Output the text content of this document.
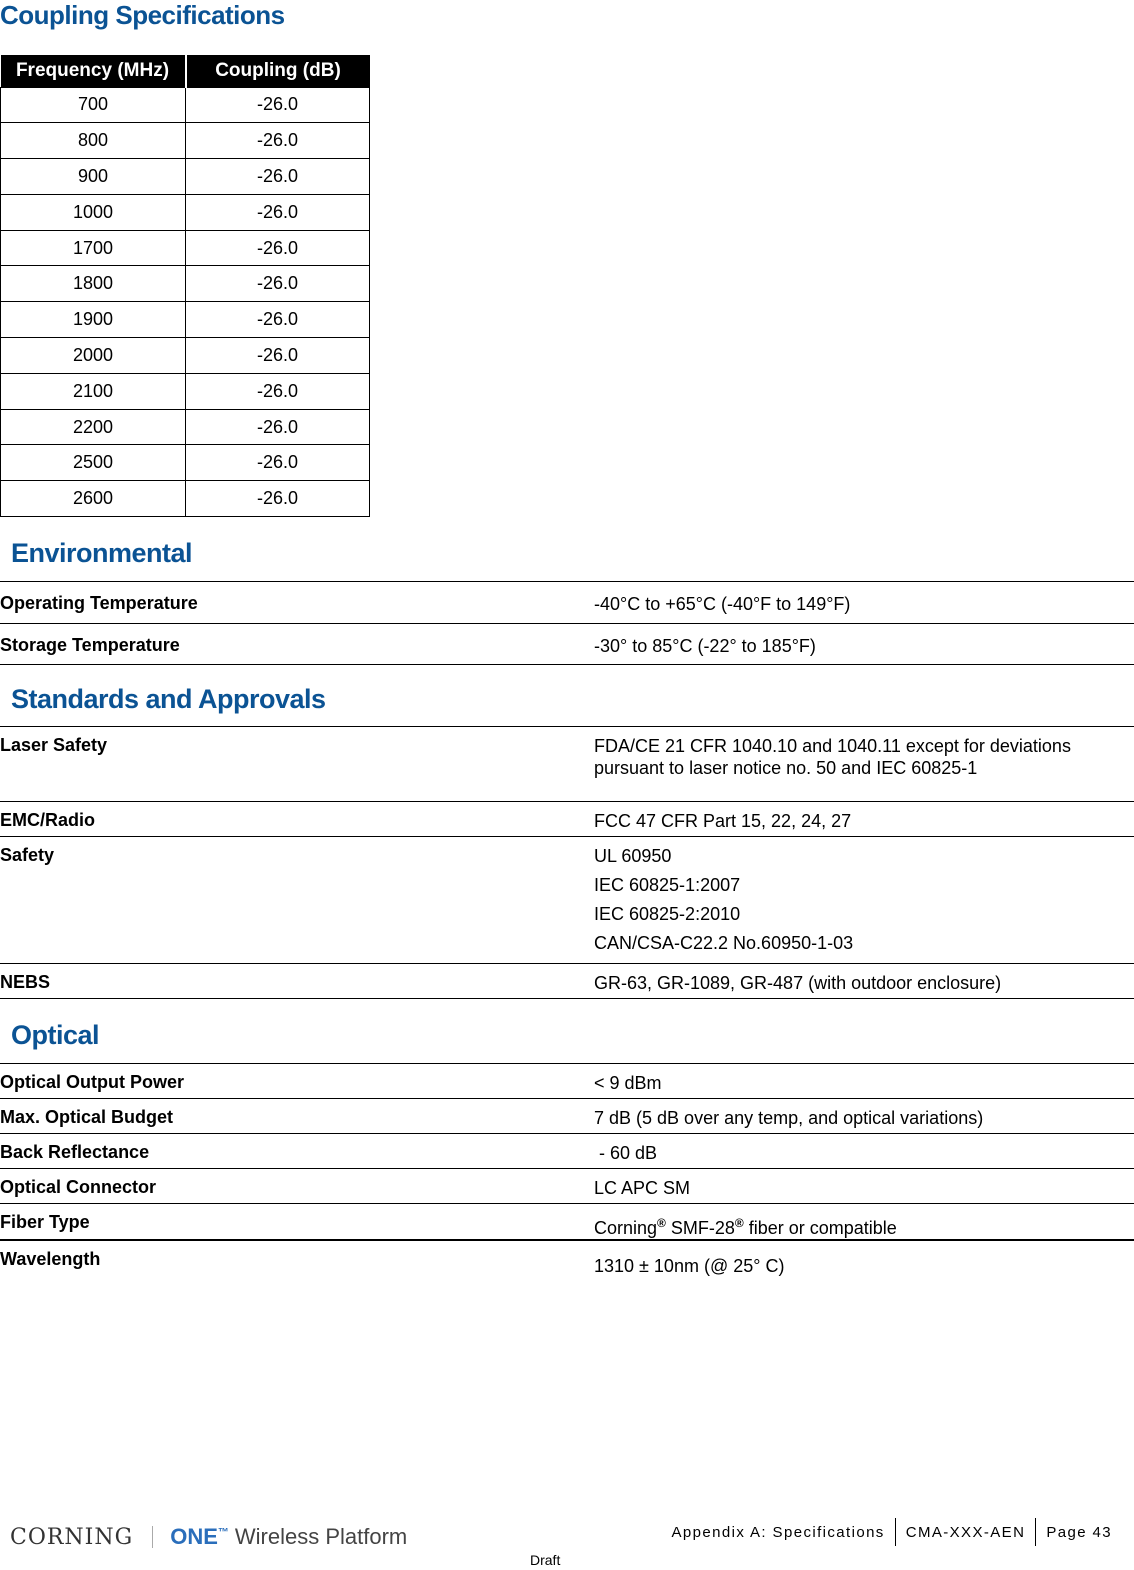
Coupling Specifications
Frequency (MHz)	Coupling (dB)
700	-26.0
800	-26.0
900	-26.0
1000	-26.0
1700	-26.0
1800	-26.0
1900	-26.0
2000	-26.0
2100	-26.0
2200	-26.0
2500	-26.0
2600	-26.0
Environmental
Operating Temperature	-40°C to +65°C (-40°F to 149°F)
Storage Temperature	-30° to 85°C (-22° to 185°F)
Standards and Approvals
Laser Safety	FDA/CE 21 CFR 1040.10 and 1040.11 except for deviations pursuant to laser notice no. 50 and IEC 60825-1
EMC/Radio	FCC 47 CFR Part 15, 22, 24, 27
Safety	UL 60950
IEC 60825-1:2007
IEC 60825-2:2010
CAN/CSA-C22.2 No.60950-1-03

NEBS	GR-63, GR-1089, GR-487 (with outdoor enclosure)
Optical
Optical Output Power	< 9 dBm
Max. Optical Budget	7 dB (5 dB over any temp, and optical variations)
Back Reflectance	- 60 dB
Optical Connector	LC APC SM
Fiber Type	Corning® SMF-28® fiber or compatible
Wavelength	1310 ± 10nm (@ 25° C)
CORNING ONE™ Wireless Platform	Appendix A: Specifications CMA-XXX-AEN Page 43
Draft
